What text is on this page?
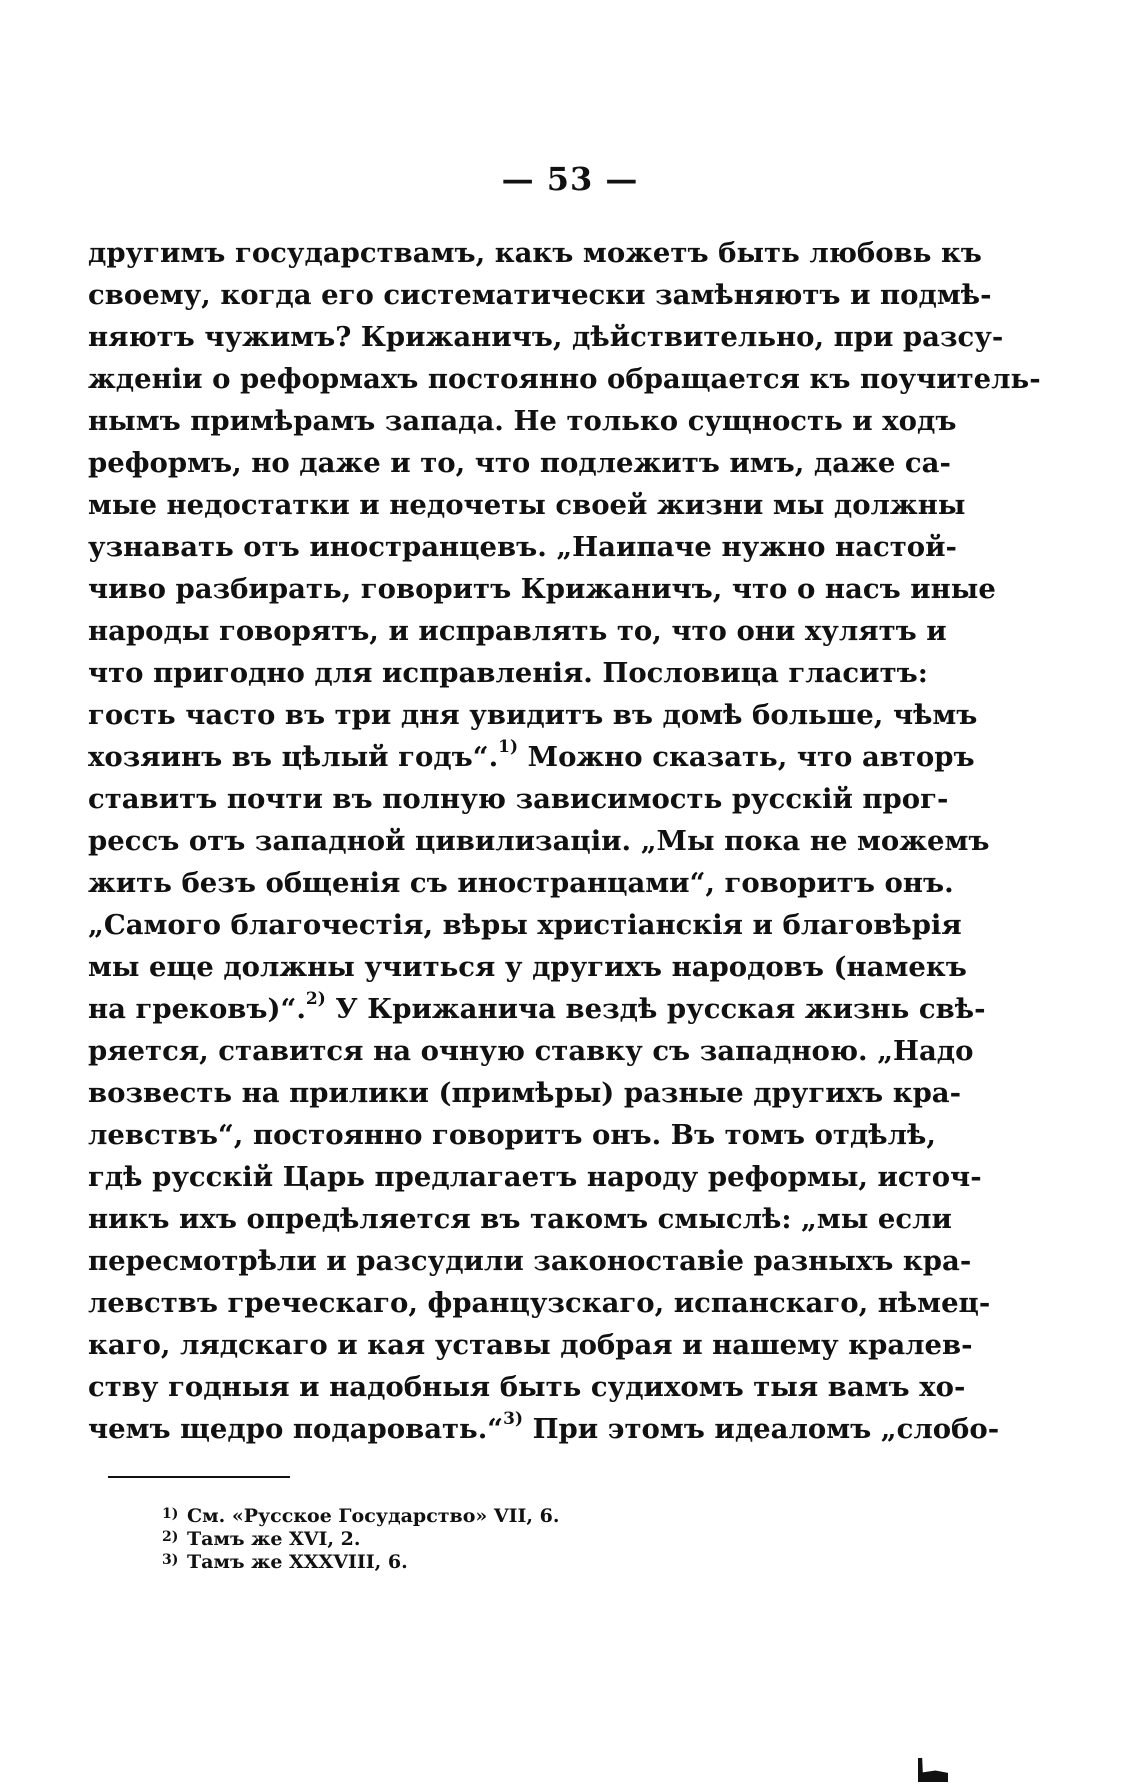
— 53 —
другимъ государствамъ, какъ можетъ быть любовь къ
своему, когда его систематически замѣняютъ и подмѣ-
няютъ чужимъ? Крижаничъ, дѣйствительно, при разсу-
жденіи о реформахъ постоянно обращается къ поучитель-
нымъ примѣрамъ запада. Не только сущность и ходъ
реформъ, но даже и то, что подлежитъ имъ, даже са-
мые недостатки и недочеты своей жизни мы должны
узнавать отъ иностранцевъ. „Наипаче нужно настой-
чиво разбирать, говоритъ Крижаничъ, что о насъ иные
народы говорятъ, и исправлять то, что они хулятъ и
что пригодно для исправленія. Пословица гласитъ:
гость часто въ три дня увидитъ въ домѣ больше, чѣмъ
хозяинъ въ цѣлый годъ“.$^{1)}$ Можно сказать, что авторъ
ставитъ почти въ полную зависимость русскій прог-
рессъ отъ западной цивилизаціи. „Мы пока не можемъ
жить безъ общенія съ иностранцами“, говоритъ онъ.
„Самого благочестія, вѣры христіанскія и благовѣрія
мы еще должны учиться у другихъ народовъ (намекъ
на грековъ)“.$^{2)}$ У Крижанича вездѣ русская жизнь свѣ-
ряется, ставится на очную ставку съ западною. „Надо
возвесть на прилики (примѣры) разные другихъ кра-
левствъ“, постоянно говоритъ онъ. Въ томъ отдѣлѣ,
гдѣ русскій Царь предлагаетъ народу реформы, источ-
никъ ихъ опредѣляется въ такомъ смыслѣ: „мы если
пересмотрѣли и разсудили законоставіе разныхъ кра-
левствъ греческаго, французскаго, испанскаго, нѣмец-
каго, лядскаго и кая уставы добрая и нашему кралев-
ству годныя и надобныя быть судихомъ тыя вамъ хо-
чемъ щедро подаровать.“$^{3)}$ При этомъ идеаломъ „слобо-
$^{1)}$ См. «Русское Государство» VII, 6.
$^{2)}$ Тамъ же XVI, 2.
$^{3)}$ Тамъ же XXXVIII, 6.
